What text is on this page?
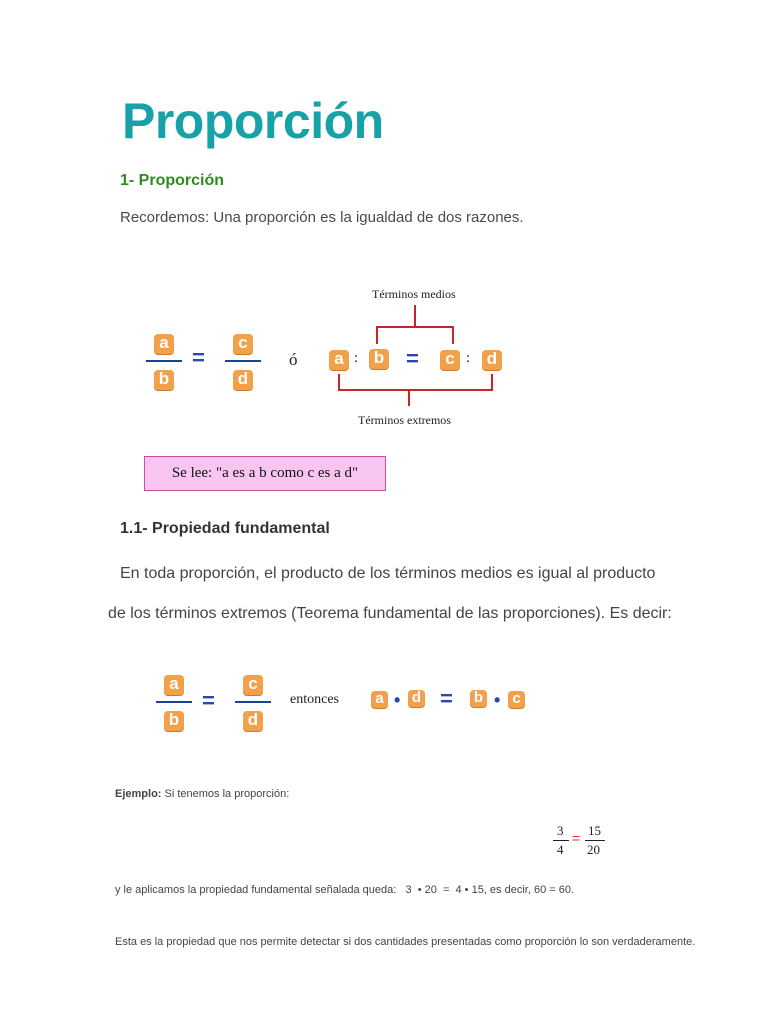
Proporción
1- Proporción
Recordemos: Una proporción es la igualdad de dos razones.
a
b
=
c
d
ó
Términos medios
a : b =	c : d
Términos extremos
Se lee: "a es a b como c es a d"
1.1- Propiedad fundamental
En toda proporción, el producto de los términos medios es igual al producto
de los términos extremos (Teorema fundamental de las proporciones). Es decir:
a
b
=
c
d
entonces a • d = b • c
Ejemplo: Si tenemos la proporción:
3
4
= 15
20
y le aplicamos la propiedad fundamental señalada queda:   3  • 20  =  4 • 15, es decir, 60 = 60.
Esta es la propiedad que nos permite detectar si dos cantidades presentadas como proporción lo son verdaderamente.
